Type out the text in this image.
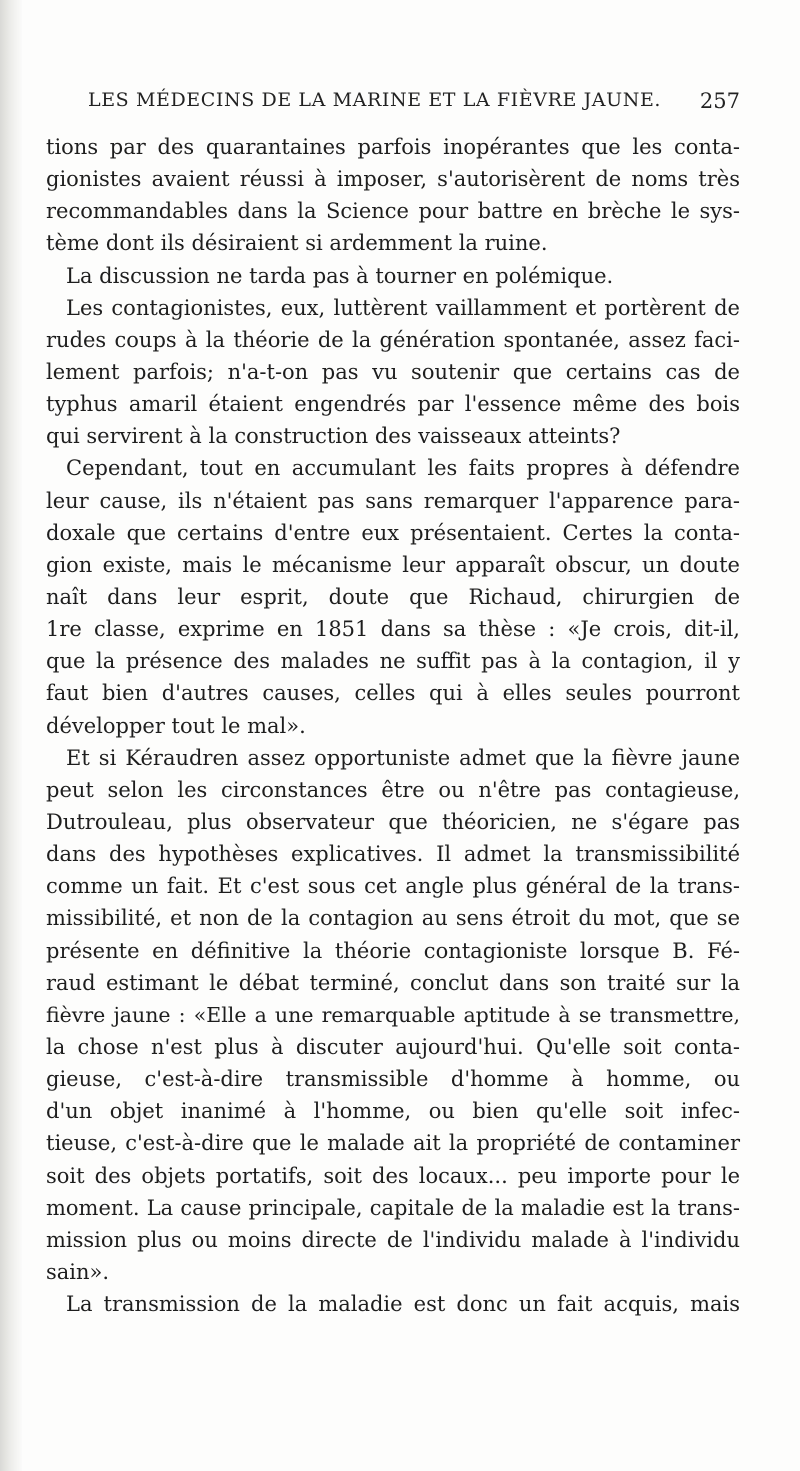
LES MÉDECINS DE LA MARINE ET LA FIÈVRE JAUNE. 257
tions par des quarantaines parfois inopérantes que les conta-
gionistes avaient réussi à imposer, s'autorisèrent de noms très
recommandables dans la Science pour battre en brèche le sys-
tème dont ils désiraient si ardemment la ruine.
La discussion ne tarda pas à tourner en polémique.
Les contagionistes, eux, luttèrent vaillamment et portèrent de
rudes coups à la théorie de la génération spontanée, assez faci-
lement parfois; n'a-t-on pas vu soutenir que certains cas de
typhus amaril étaient engendrés par l'essence même des bois
qui servirent à la construction des vaisseaux atteints?
Cependant, tout en accumulant les faits propres à défendre
leur cause, ils n'étaient pas sans remarquer l'apparence para-
doxale que certains d'entre eux présentaient. Certes la conta-
gion existe, mais le mécanisme leur apparaît obscur, un doute
naît dans leur esprit, doute que Richaud, chirurgien de
1re classe, exprime en 1851 dans sa thèse : «Je crois, dit-il,
que la présence des malades ne suffit pas à la contagion, il y
faut bien d'autres causes, celles qui à elles seules pourront
développer tout le mal».
Et si Kéraudren assez opportuniste admet que la fièvre jaune
peut selon les circonstances être ou n'être pas contagieuse,
Dutrouleau, plus observateur que théoricien, ne s'égare pas
dans des hypothèses explicatives. Il admet la transmissibilité
comme un fait. Et c'est sous cet angle plus général de la trans-
missibilité, et non de la contagion au sens étroit du mot, que se
présente en définitive la théorie contagioniste lorsque B. Fé-
raud estimant le débat terminé, conclut dans son traité sur la
fièvre jaune : «Elle a une remarquable aptitude à se transmettre,
la chose n'est plus à discuter aujourd'hui. Qu'elle soit conta-
gieuse, c'est-à-dire transmissible d'homme à homme, ou
d'un objet inanimé à l'homme, ou bien qu'elle soit infec-
tieuse, c'est-à-dire que le malade ait la propriété de contaminer
soit des objets portatifs, soit des locaux... peu importe pour le
moment. La cause principale, capitale de la maladie est la trans-
mission plus ou moins directe de l'individu malade à l'individu
sain».
La transmission de la maladie est donc un fait acquis, mais
